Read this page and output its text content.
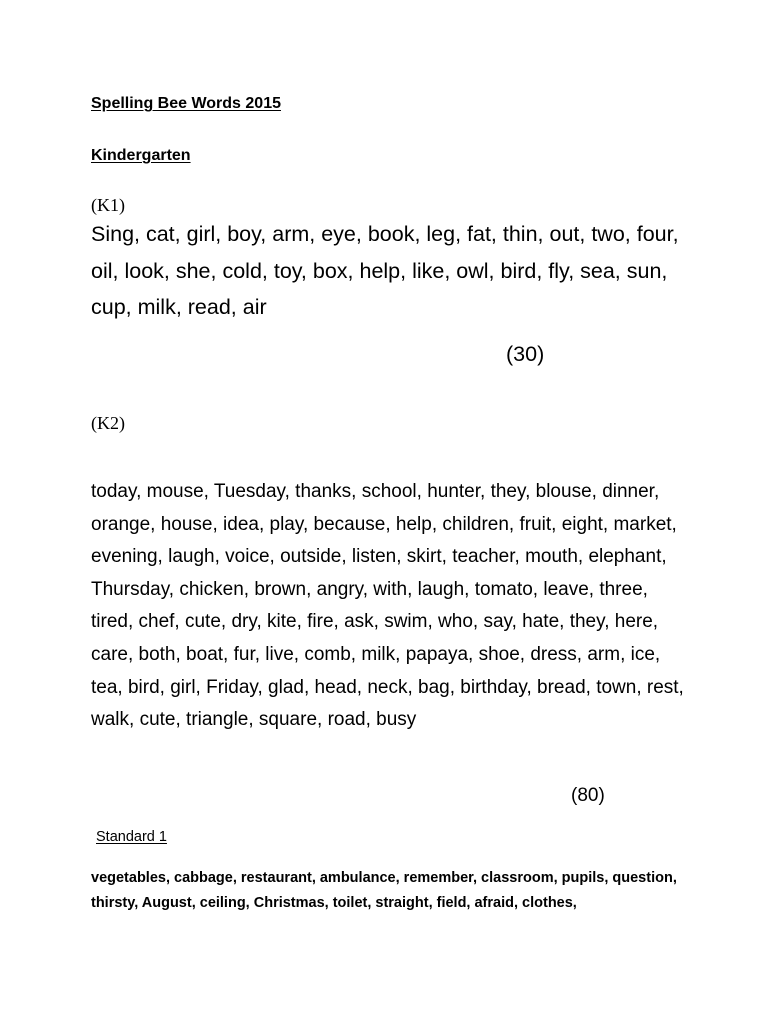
Spelling Bee Words 2015
Kindergarten
(K1)

Sing, cat, girl, boy, arm, eye, book, leg, fat, thin, out, two, four, oil, look, she, cold, toy, box, help, like, owl, bird, fly, sea, sun, cup, milk, read, air

(30)
(K2)

today, mouse, Tuesday, thanks, school, hunter, they, blouse, dinner, orange, house, idea, play, because, help, children, fruit, eight, market, evening, laugh, voice, outside, listen, skirt, teacher, mouth, elephant, Thursday, chicken, brown, angry, with, laugh, tomato, leave, three, tired, chef, cute, dry, kite, fire, ask, swim, who, say, hate, they, here, care, both, boat, fur, live, comb, milk, papaya, shoe, dress, arm, ice, tea, bird, girl, Friday, glad, head, neck, bag, birthday, bread, town, rest, walk, cute, triangle, square, road, busy

(80)
Standard 1

vegetables, cabbage, restaurant, ambulance, remember, classroom, pupils, question, thirsty, August, ceiling, Christmas, toilet, straight, field, afraid, clothes,
